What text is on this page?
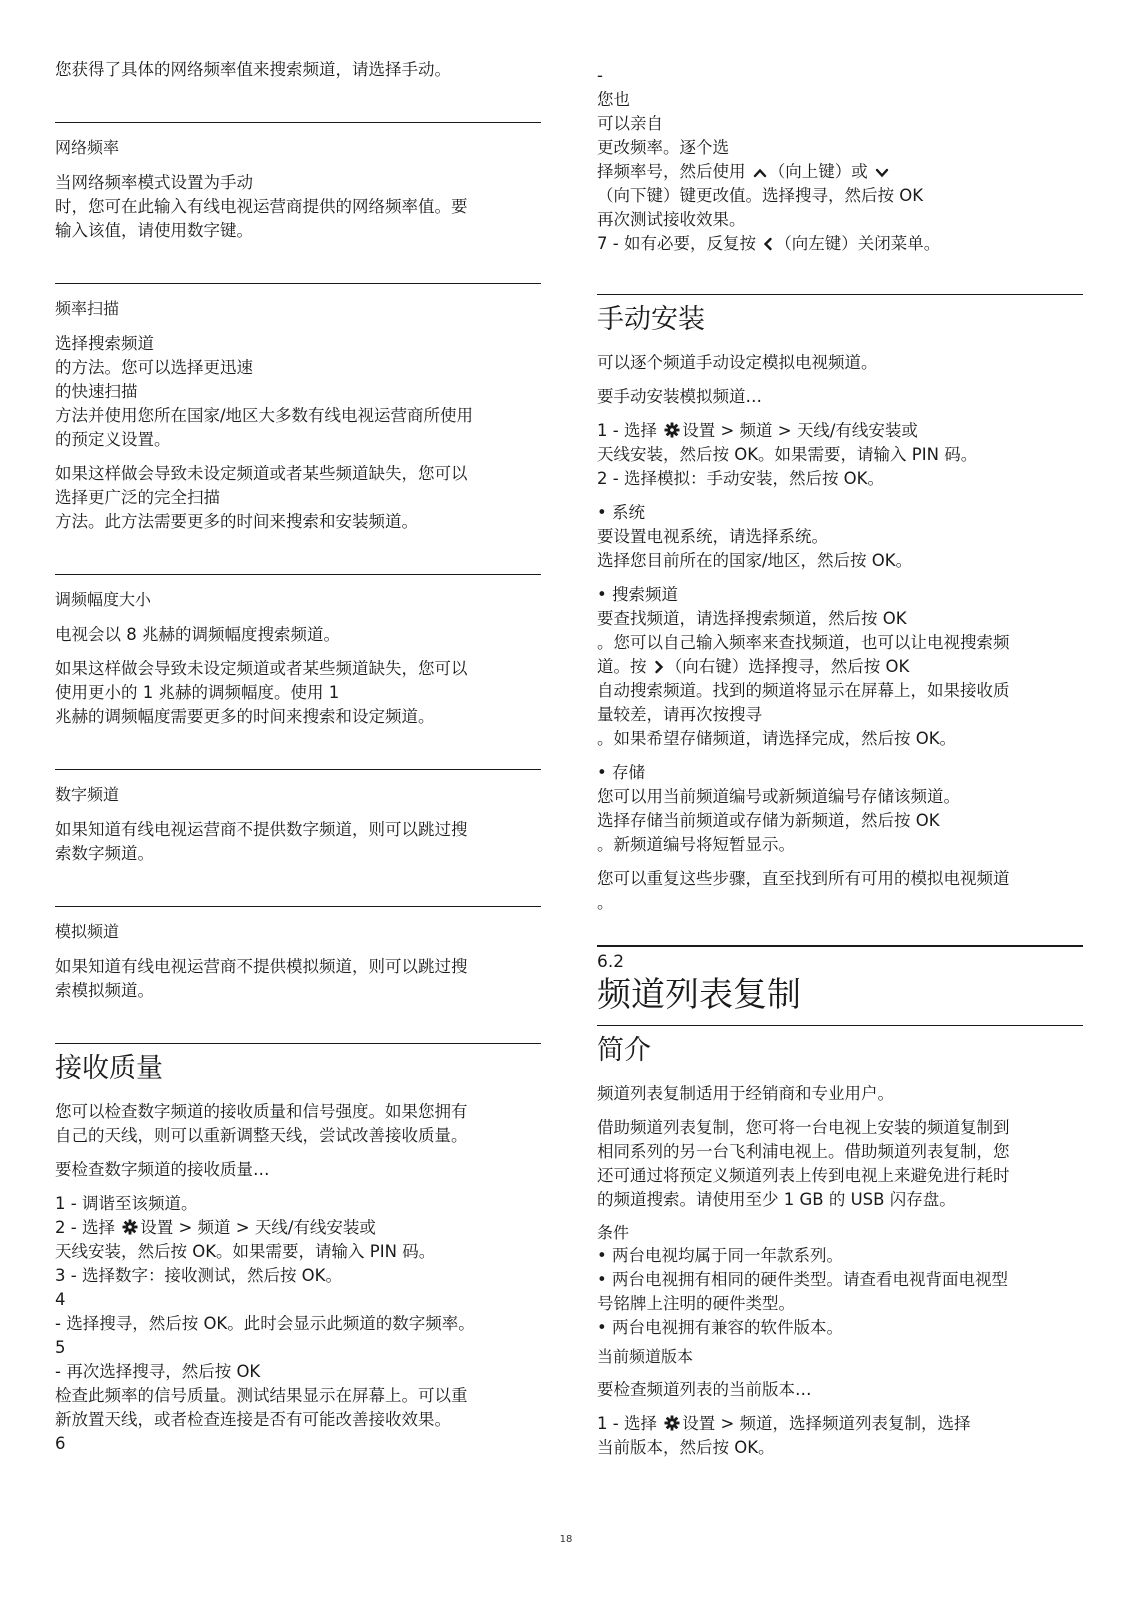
您获得了具体的网络频率值来搜索频道，请选择手动。

网络频率

当网络频率模式设置为手动

时，您可在此输入有线电视运营商提供的网络频率值。要

输入该值，请使用数字键。

频率扫描

选择搜索频道

的方法。您可以选择更迅速

的快速扫描

方法并使用您所在国家/地区大多数有线电视运营商所使用

的预定义设置。

如果这样做会导致未设定频道或者某些频道缺失，您可以

选择更广泛的完全扫描

方法。此方法需要更多的时间来搜索和安装频道。

调频幅度大小

电视会以 8 兆赫的调频幅度搜索频道。

如果这样做会导致未设定频道或者某些频道缺失，您可以

使用更小的 1 兆赫的调频幅度。使用 1

兆赫的调频幅度需要更多的时间来搜索和设定频道。

数字频道

如果知道有线电视运营商不提供数字频道，则可以跳过搜

索数字频道。

模拟频道

如果知道有线电视运营商不提供模拟频道，则可以跳过搜

索模拟频道。

接收质量

您可以检查数字频道的接收质量和信号强度。如果您拥有

自己的天线，则可以重新调整天线，尝试改善接收质量。

要检查数字频道的接收质量…

1 - 调谐至该频道。

2 - 选择 设置 > 频道 > 天线/有线安装或

天线安装，然后按 OK。如果需要，请输入 PIN 码。

3 - 选择数字：接收测试，然后按 OK。

4

- 选择搜寻，然后按 OK。此时会显示此频道的数字频率。

5

- 再次选择搜寻，然后按 OK

检查此频率的信号质量。测试结果显示在屏幕上。可以重

新放置天线，或者检查连接是否有可能改善接收效果。

6

-

您也

可以亲自

更改频率。逐个选

择频率号，然后使用 （向上键）或

（向下键）键更改值。选择搜寻，然后按 OK

再次测试接收效果。

7 - 如有必要，反复按 （向左键）关闭菜单。

手动安装

可以逐个频道手动设定模拟电视频道。

要手动安装模拟频道…

1 - 选择 设置 > 频道 > 天线/有线安装或

天线安装，然后按 OK。如果需要，请输入 PIN 码。

2 - 选择模拟：手动安装，然后按 OK。

• 系统

要设置电视系统，请选择系统。

选择您目前所在的国家/地区，然后按 OK。

• 搜索频道

要查找频道，请选择搜索频道，然后按 OK

。您可以自己输入频率来查找频道，也可以让电视搜索频

道。按 （向右键）选择搜寻，然后按 OK

自动搜索频道。找到的频道将显示在屏幕上，如果接收质

量较差，请再次按搜寻

。如果希望存储频道，请选择完成，然后按 OK。

• 存储

您可以用当前频道编号或新频道编号存储该频道。

选择存储当前频道或存储为新频道，然后按 OK

。新频道编号将短暂显示。

您可以重复这些步骤，直至找到所有可用的模拟电视频道

。

6.2
频道列表复制
简介

频道列表复制适用于经销商和专业用户。

借助频道列表复制，您可将一台电视上安装的频道复制到

相同系列的另一台飞利浦电视上。借助频道列表复制，您

还可通过将预定义频道列表上传到电视上来避免进行耗时

的频道搜索。请使用至少 1 GB 的 USB 闪存盘。

条件

• 两台电视均属于同一年款系列。

• 两台电视拥有相同的硬件类型。请查看电视背面电视型

号铭牌上注明的硬件类型。

• 两台电视拥有兼容的软件版本。

当前频道版本

要检查频道列表的当前版本…

1 - 选择 设置 > 频道，选择频道列表复制，选择

当前版本，然后按 OK。

18
